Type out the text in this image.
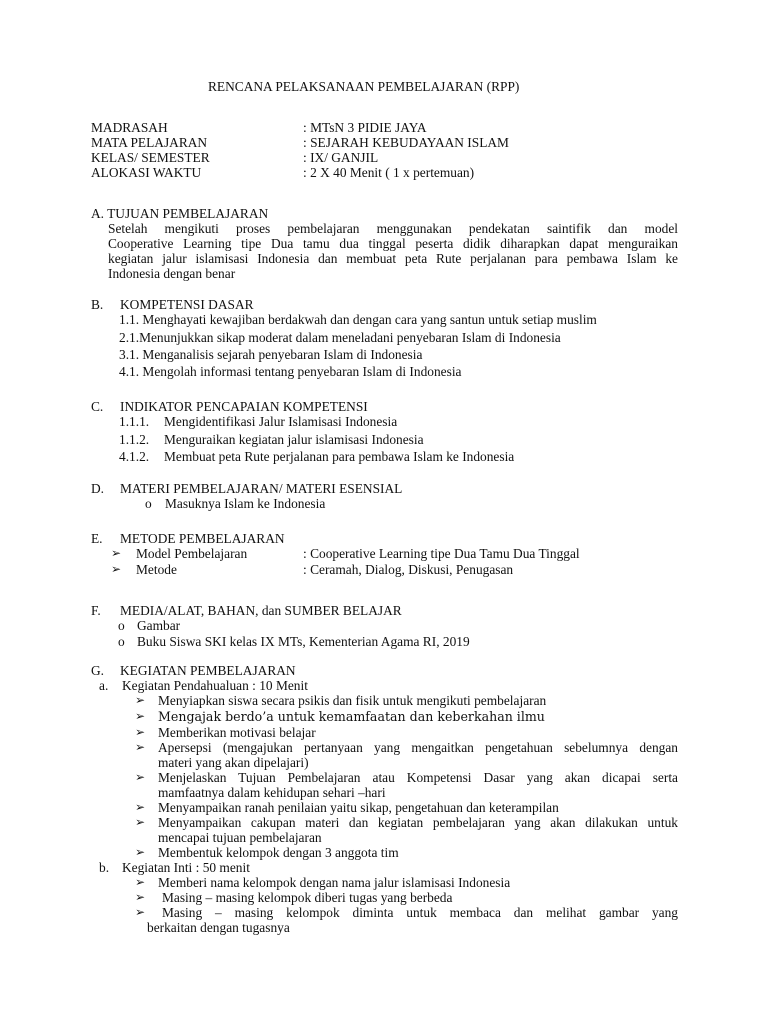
RENCANA PELAKSANAAN PEMBELAJARAN (RPP)
MADRASAH	: MTsN 3 PIDIE JAYA
MATA PELAJARAN	: SEJARAH KEBUDAYAAN ISLAM
KELAS/ SEMESTER	: IX/ GANJIL
ALOKASI WAKTU	: 2 X 40 Menit ( 1 x pertemuan)
A. TUJUAN PEMBELAJARAN
Setelah mengikuti proses pembelajaran menggunakan pendekatan saintifik dan model
Cooperative Learning tipe Dua tamu dua tinggal peserta didik diharapkan dapat menguraikan
kegiatan jalur islamisasi Indonesia dan membuat peta Rute perjalanan para pembawa Islam ke
Indonesia dengan benar
B. KOMPETENSI DASAR
1.1. Menghayati kewajiban berdakwah dan dengan cara yang santun untuk setiap muslim
2.1.Menunjukkan sikap moderat dalam meneladani penyebaran Islam di Indonesia
3.1. Menganalisis sejarah penyebaran Islam di Indonesia
4.1. Mengolah informasi tentang penyebaran Islam di Indonesia
C. INDIKATOR PENCAPAIAN KOMPETENSI
1.1.1. Mengidentifikasi Jalur Islamisasi Indonesia
1.1.2. Menguraikan kegiatan jalur islamisasi Indonesia
4.1.2. Membuat peta Rute perjalanan para pembawa Islam ke Indonesia
D. MATERI PEMBELAJARAN/ MATERI ESENSIAL
o Masuknya Islam ke Indonesia
E. METODE PEMBELAJARAN
➢ Model Pembelajaran	: Cooperative Learning tipe Dua Tamu Dua Tinggal
➢ Metode	: Ceramah, Dialog, Diskusi, Penugasan
F. MEDIA/ALAT, BAHAN, dan SUMBER BELAJAR
o Gambar
o Buku Siswa SKI kelas IX MTs, Kementerian Agama RI, 2019
G. KEGIATAN PEMBELAJARAN
a. Kegiatan Pendahualuan : 10 Menit
➢ Menyiapkan siswa secara psikis dan fisik untuk mengikuti pembelajaran
➢ Mengajak berdo’a untuk kemamfaatan dan keberkahan ilmu
➢ Memberikan motivasi belajar
➢ Apersepsi (mengajukan pertanyaan yang mengaitkan pengetahuan sebelumnya dengan
materi yang akan dipelajari)
➢ Menjelaskan Tujuan Pembelajaran atau Kompetensi Dasar yang akan dicapai serta
mamfaatnya dalam kehidupan sehari –hari
➢ Menyampaikan ranah penilaian yaitu sikap, pengetahuan dan keterampilan
➢ Menyampaikan cakupan materi dan kegiatan pembelajaran yang akan dilakukan untuk
mencapai tujuan pembelajaran
➢ Membentuk kelompok dengan 3 anggota tim
b. Kegiatan Inti : 50 menit
➢ Memberi nama kelompok dengan nama jalur islamisasi Indonesia
➢ Masing – masing kelompok diberi tugas yang berbeda
➢ Masing – masing kelompok diminta untuk membaca dan melihat gambar yang
berkaitan dengan tugasnya
